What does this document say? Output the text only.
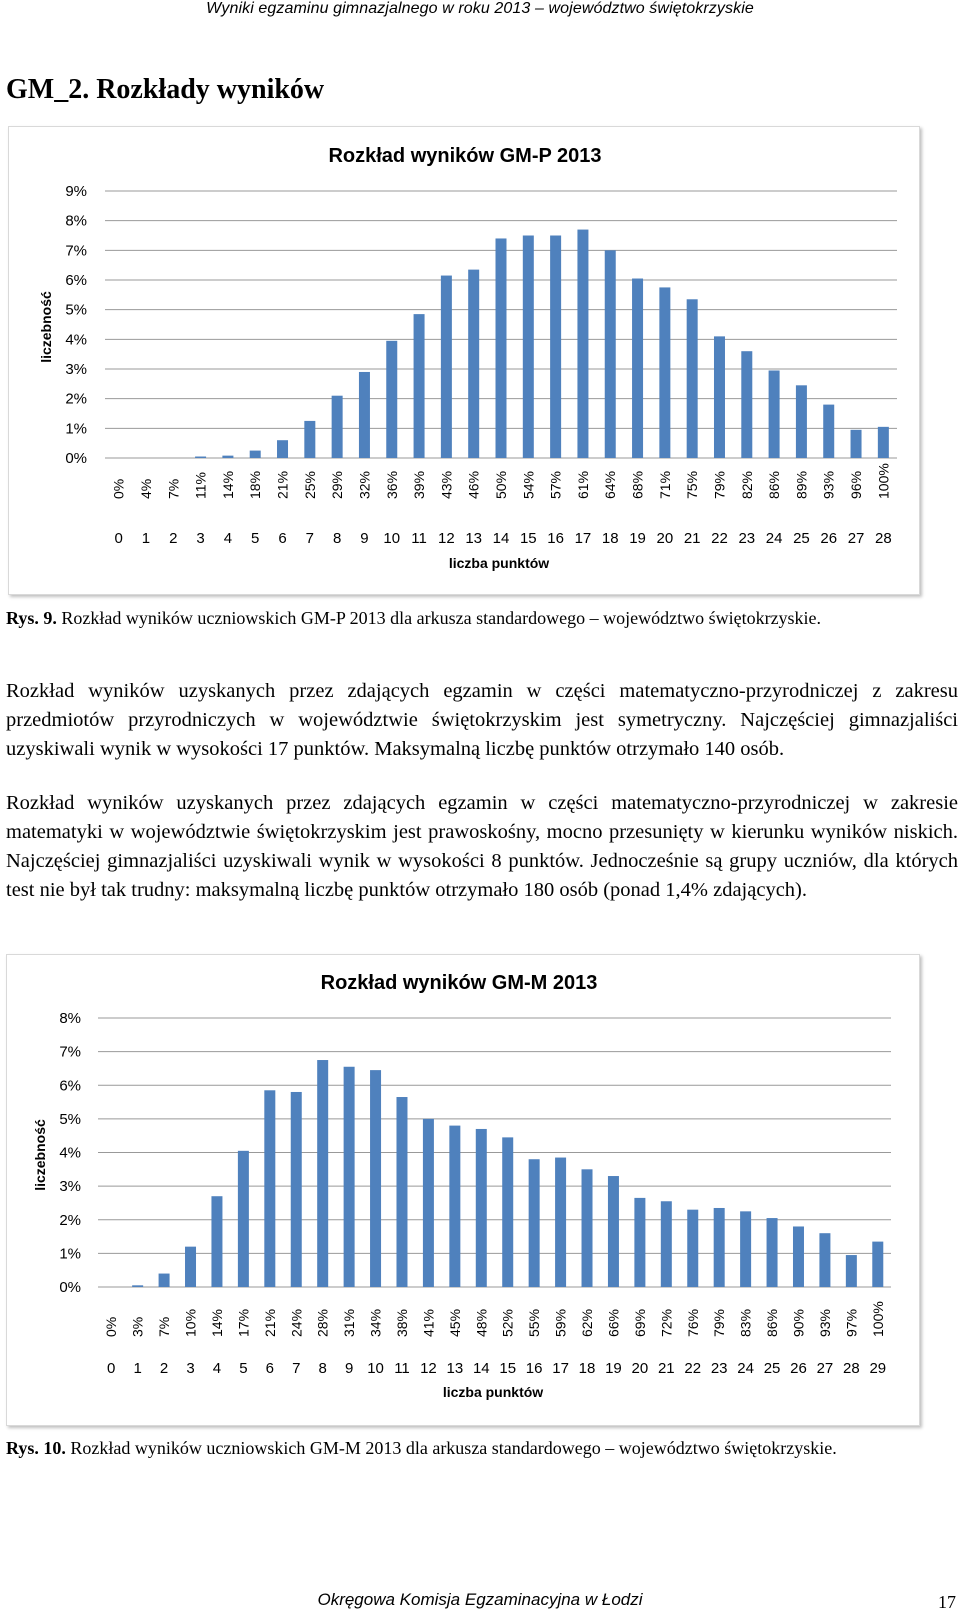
Wyniki egzaminu gimnazjalnego w roku 2013 – województwo świętokrzyskie
GM_2. Rozkłady wyników
Rozkład wyników GM-P 2013
0%
1%
2%
3%
4%
5%
6%
7%
8%
9%
0%
0
4%
1
7%
2
11%
3
14%
4
18%
5
21%
6
25%
7
29%
8
32%
9
36%
10
39%
11
43%
12
46%
13
50%
14
54%
15
57%
16
61%
17
64%
18
68%
19
71%
20
75%
21
79%
22
82%
23
86%
24
89%
25
93%
26
96%
27
100%
28
liczba punktów
liczebność
Rys. 9. Rozkład wyników uczniowskich GM-P 2013 dla arkusza standardowego – województwo świętokrzyskie.
Rozkład wyników uzyskanych przez zdających egzamin w części matematyczno-przyrodniczej z zakresu przedmiotów przyrodniczych w województwie świętokrzyskim jest symetryczny. Najczęściej gimnazjaliści uzyskiwali wynik w wysokości 17 punktów. Maksymalną liczbę punktów otrzymało 140 osób.
Rozkład wyników uzyskanych przez zdających egzamin w części matematyczno-przyrodniczej w zakresie matematyki w województwie świętokrzyskim jest prawoskośny, mocno przesunięty w kierunku wyników niskich. Najczęściej gimnazjaliści uzyskiwali wynik w wysokości 8 punktów. Jednocześnie są grupy uczniów, dla których test nie był tak trudny: maksymalną liczbę punktów otrzymało 180 osób (ponad 1,4% zdających).
Rozkład wyników GM-M 2013
0%
1%
2%
3%
4%
5%
6%
7%
8%
0%
0
3%
1
7%
2
10%
3
14%
4
17%
5
21%
6
24%
7
28%
8
31%
9
34%
10
38%
11
41%
12
45%
13
48%
14
52%
15
55%
16
59%
17
62%
18
66%
19
69%
20
72%
21
76%
22
79%
23
83%
24
86%
25
90%
26
93%
27
97%
28
100%
29
liczba punktów
liczebność
Rys. 10. Rozkład wyników uczniowskich GM-M 2013 dla arkusza standardowego – województwo świętokrzyskie.
Okręgowa Komisja Egzaminacyjna w Łodzi	17
